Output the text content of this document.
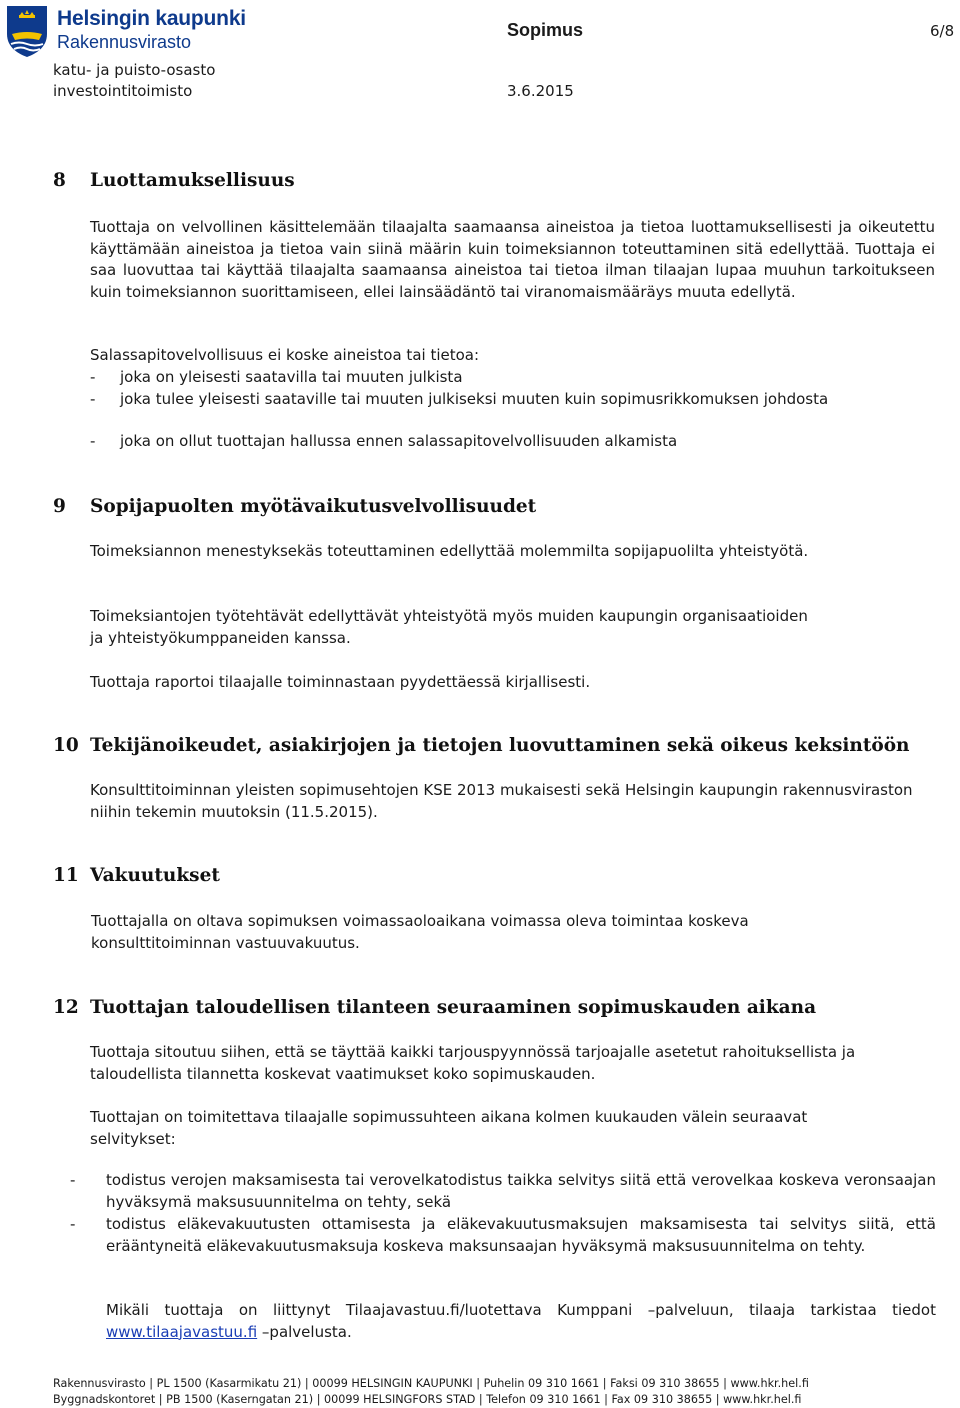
Helsingin kaupunki
Rakennusvirasto
Sopimus	6/8
katu- ja puisto-osasto
investointitoimisto	3.6.2015
8 Luottamuksellisuus
Tuottaja on velvollinen käsittelemään tilaajalta saamaansa aineistoa ja tietoa luottamuksellisesti ja oikeutettu käyttämään aineistoa ja tietoa vain siinä määrin kuin toimeksiannon toteuttaminen sitä edellyttää. Tuottaja ei saa luovuttaa tai käyttää tilaajalta saamaansa aineistoa tai tietoa ilman tilaajan lupaa muuhun tarkoitukseen kuin toimeksiannon suorittamiseen, ellei lainsäädäntö tai viranomaismääräys muuta edellytä.
Salassapitovelvollisuus ei koske aineistoa tai tietoa:
- joka on yleisesti saatavilla tai muuten julkista
- joka tulee yleisesti saataville tai muuten julkiseksi muuten kuin sopimusrikkomuksen johdosta
- joka on ollut tuottajan hallussa ennen salassapitovelvollisuuden alkamista
9 Sopijapuolten myötävaikutusvelvollisuudet
Toimeksiannon menestyksekäs toteuttaminen edellyttää molemmilta sopijapuolilta yhteistyötä.
Toimeksiantojen työtehtävät edellyttävät yhteistyötä myös muiden kaupungin organisaatioiden ja yhteistyökumppaneiden kanssa.
Tuottaja raportoi tilaajalle toiminnastaan pyydettäessä kirjallisesti.
10 Tekijänoikeudet, asiakirjojen ja tietojen luovuttaminen sekä oikeus keksintöön
Konsulttitoiminnan yleisten sopimusehtojen KSE 2013 mukaisesti sekä Helsingin kaupungin rakennusviraston niihin tekemin muutoksin (11.5.2015).
11 Vakuutukset
Tuottajalla on oltava sopimuksen voimassaoloaikana voimassa oleva toimintaa koskeva konsulttitoiminnan vastuuvakuutus.
12 Tuottajan taloudellisen tilanteen seuraaminen sopimuskauden aikana
Tuottaja sitoutuu siihen, että se täyttää kaikki tarjouspyynnössä tarjoajalle asetetut rahoituksellista ja taloudellista tilannetta koskevat vaatimukset koko sopimuskauden.
Tuottajan on toimitettava tilaajalle sopimussuhteen aikana kolmen kuukauden välein seuraavat selvitykset:
- todistus verojen maksamisesta tai verovelkatodistus taikka selvitys siitä että verovelkaa koskeva veronsaajan hyväksymä maksusuunnitelma on tehty, sekä
- todistus eläkevakuutusten ottamisesta ja eläkevakuutusmaksujen maksamisesta tai selvitys siitä, että erääntyneitä eläkevakuutusmaksuja koskeva maksunsaajan hyväksymä maksusuunnitelma on tehty.
Mikäli tuottaja on liittynyt Tilaajavastuu.fi/luotettava Kumppani –palveluun, tilaaja tarkistaa tiedot www.tilaajavastuu.fi –palvelusta.
Rakennusvirasto | PL 1500 (Kasarmikatu 21) | 00099 HELSINGIN KAUPUNKI | Puhelin 09 310 1661 | Faksi 09 310 38655 | www.hkr.hel.fi
Byggnadskontoret | PB 1500 (Kaserngatan 21) | 00099 HELSINGFORS STAD | Telefon 09 310 1661 | Fax 09 310 38655 | www.hkr.hel.fi
